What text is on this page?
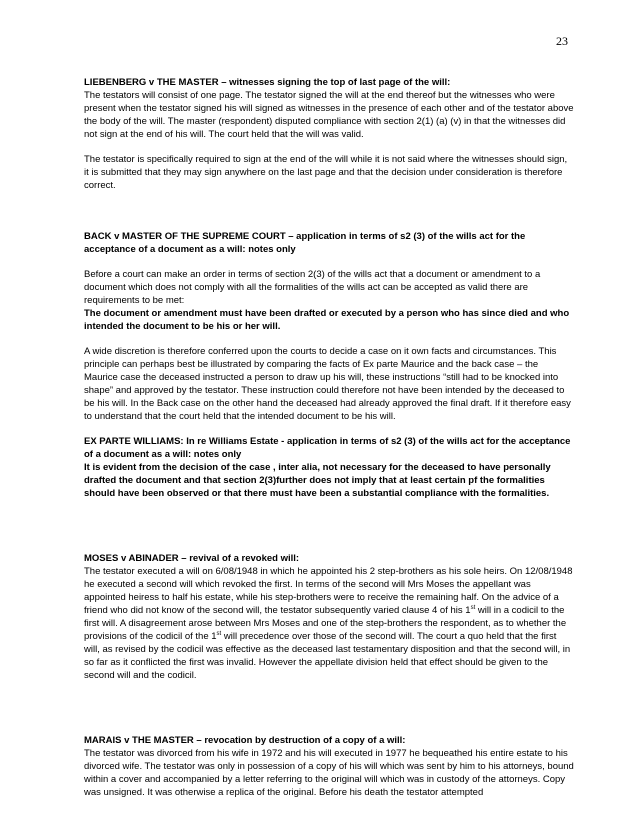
23

LIEBENBERG v THE MASTER – witnesses signing the top of last page of the will:

The testators will consist of one page. The testator signed the will at the end thereof but the witnesses who were present when the testator signed his will signed as witnesses in the presence of each other and of the testator above the body of the will. The master (respondent) disputed compliance with section 2(1) (a) (v) in that the witnesses did not sign at the end of his will. The court held that the will was valid.

The testator is specifically required to sign at the end of the will while it is not said where the witnesses should sign, it is submitted that they may sign anywhere on the last page and that the decision under consideration is therefore correct.

BACK v MASTER OF THE SUPREME COURT – application in terms of s2 (3) of the wills act for the acceptance of a document as a will: notes only

Before a court can make an order in terms of section 2(3) of the wills act that a document or amendment to a document which does not comply with all the formalities of the wills act can be accepted as valid there are requirements to be met:

The document or amendment must have been drafted or executed by a person who has since died and who intended the document to be his or her will.

A wide discretion is therefore conferred upon the courts to decide a case on it own facts and circumstances. This principle can perhaps best be illustrated by comparing the facts of Ex parte Maurice and the back case – the Maurice case the deceased instructed a person to draw up his will, these instructions “still had to be knocked into shape” and approved by the testator. These instruction could therefore not have been intended by the deceased to be his will. In the Back case on the other hand the deceased had already approved the final draft. If it therefore easy to understand that the court held that the intended document to be his will.

EX PARTE WILLIAMS: In re Williams Estate - application in terms of s2 (3) of the wills act for the acceptance of a document as a will: notes only

It is evident from the decision of the case , inter alia, not necessary for the deceased to have personally drafted the document and that section 2(3)further does not imply that at least certain pf the formalities should have been observed or that there must have been a substantial compliance with the formalities.

MOSES v ABINADER – revival of a revoked will:

The testator executed a will on 6/08/1948 in which he appointed his 2 step-brothers as his sole heirs. On 12/08/1948 he executed a second will which revoked the first. In terms of the second will Mrs Moses the appellant was appointed heiress to half his estate, while his step-brothers were to receive the remaining half. On the advice of a friend who did not know of the second will, the testator subsequently varied clause 4 of his 1st will in a codicil to the first will. A disagreement arose between Mrs Moses and one of the step-brothers the respondent, as to whether the provisions of the codicil of the 1st will precedence over those of the second will. The court a quo held that the first will, as revised by the codicil was effective as the deceased last testamentary disposition and that the second will, in so far as it conflicted the first was invalid. However the appellate division held that effect should be given to the second will and the codicil.

MARAIS v THE MASTER – revocation by destruction of a copy of a will:

The testator was divorced from his wife in 1972 and his will executed in 1977 he bequeathed his entire estate to his divorced wife. The testator was only in possession of a copy of his will which was sent by him to his attorneys, bound within a cover and accompanied by a letter referring to the original will which was in custody of the attorneys. Copy was unsigned. It was otherwise a replica of the original. Before his death the testator attempted
